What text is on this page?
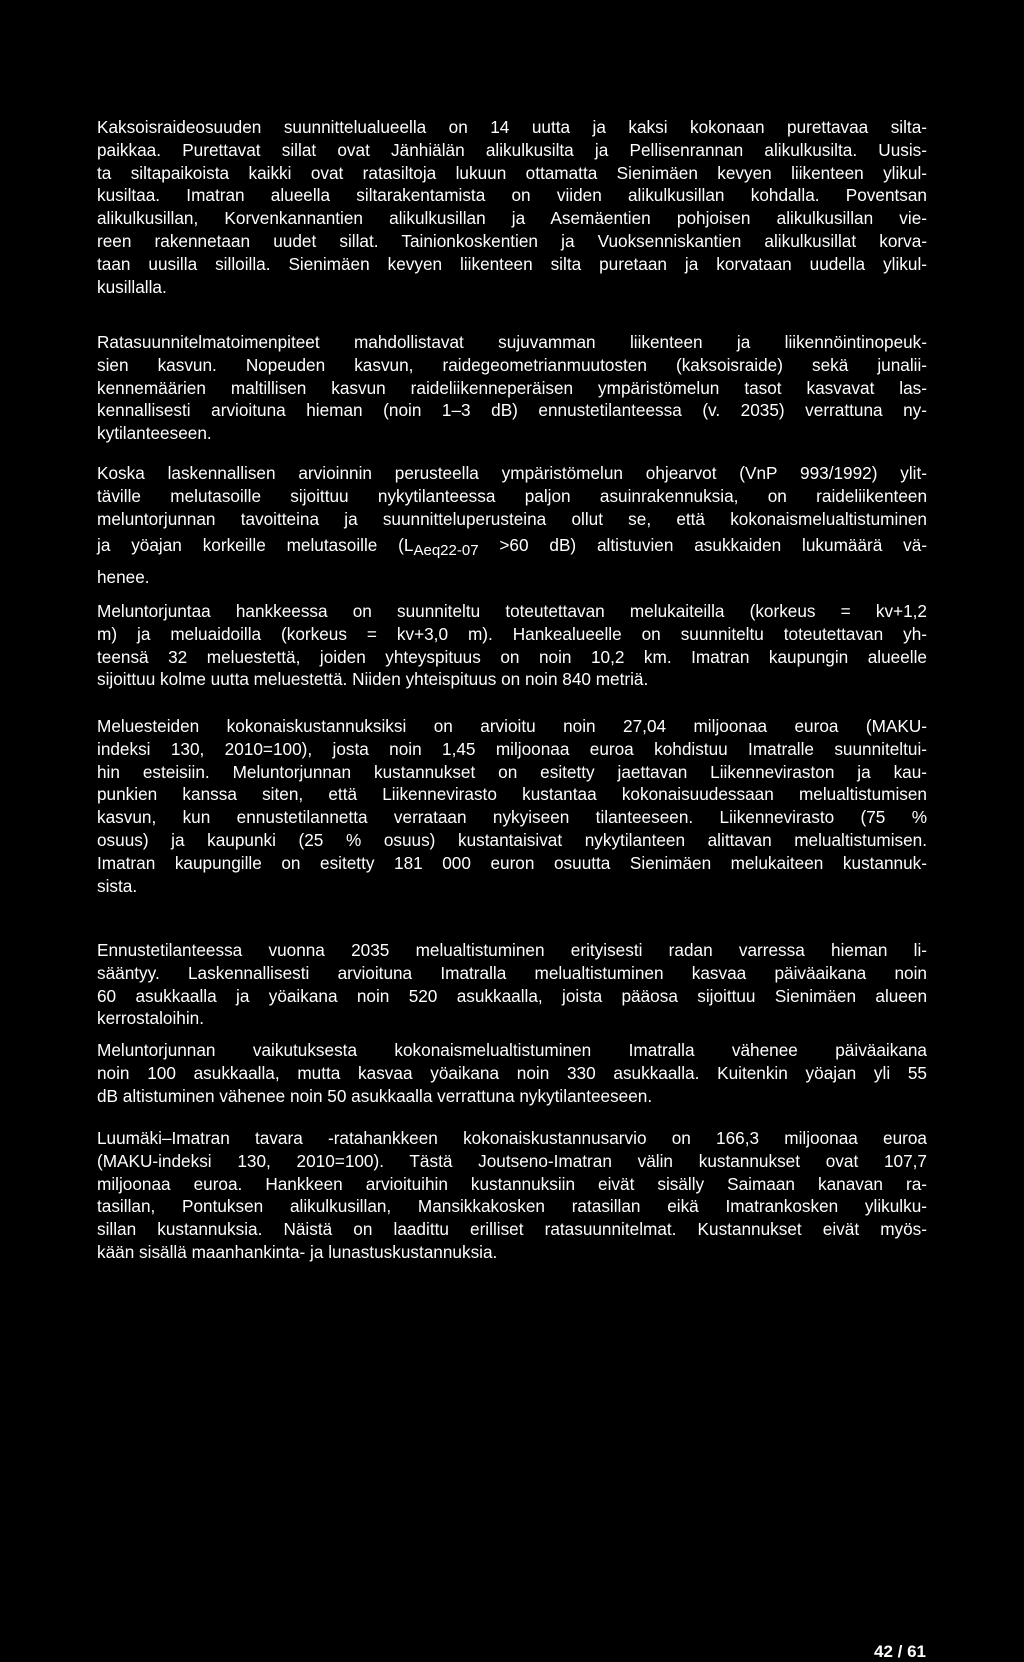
Kaksoisraideosuuden suunnittelualueella on 14 uutta ja kaksi kokonaan purettavaa silta-
paikkaa. Purettavat sillat ovat Jänhiälän alikulkusilta ja Pellisenrannan alikulkusilta. Uusis-
ta siltapaikoista kaikki ovat ratasiltoja lukuun ottamatta Sienimäen kevyen liikenteen ylikul-
kusiltaa. Imatran alueella siltarakentamista on viiden alikulkusillan kohdalla. Poventsan
alikulkusillan, Korvenkannantien alikulkusillan ja Asemäentien pohjoisen alikulkusillan vie-
reen rakennetaan uudet sillat. Tainionkoskentien ja Vuoksenniskantien alikulkusillat korva-
taan uusilla silloilla. Sienimäen kevyen liikenteen silta puretaan ja korvataan uudella ylikul-
kusillalla.
Ratasuunnitelmatoimenpiteet mahdollistavat sujuvamman liikenteen ja liikennöintinopeuk-
sien kasvun. Nopeuden kasvun, raidegeometrianmuutosten (kaksoisraide) sekä junalii-
kennemäärien maltillisen kasvun raideliikenneperäisen ympäristömelun tasot kasvavat las-
kennallisesti arvioituna hieman (noin 1–3 dB) ennustetilanteessa (v. 2035) verrattuna ny-
kytilanteeseen.
Koska laskennallisen arvioinnin perusteella ympäristömelun ohjearvot (VnP 993/1992) ylit-
täville melutasoille sijoittuu nykytilanteessa paljon asuinrakennuksia, on raideliikenteen
meluntorjunnan tavoitteina ja suunnitteluperusteina ollut se, että kokonaismelualtistuminen
ja yöajan korkeille melutasoille (LAeq22-07 >60 dB) altistuvien asukkaiden lukumäärä vä-
henee.
Meluntorjuntaa hankkeessa on suunniteltu toteutettavan melukaiteilla (korkeus = kv+1,2
m) ja meluaidoilla (korkeus = kv+3,0 m). Hankealueelle on suunniteltu toteutettavan yh-
teensä 32 meluestettä, joiden yhteyspituus on noin 10,2 km. Imatran kaupungin alueelle
sijoittuu kolme uutta meluestettä. Niiden yhteispituus on noin 840 metriä.
Meluesteiden kokonaiskustannuksiksi on arvioitu noin 27,04 miljoonaa euroa (MAKU-
indeksi 130, 2010=100), josta noin 1,45 miljoonaa euroa kohdistuu Imatralle suunniteltui-
hin esteisiin. Meluntorjunnan kustannukset on esitetty jaettavan Liikenneviraston ja kau-
punkien kanssa siten, että Liikennevirasto kustantaa kokonaisuudessaan melualtistumisen
kasvun, kun ennustetilannetta verrataan nykyiseen tilanteeseen. Liikennevirasto (75 %
osuus) ja kaupunki (25 % osuus) kustantaisivat nykytilanteen alittavan melualtistumisen.
Imatran kaupungille on esitetty 181 000 euron osuutta Sienimäen melukaiteen kustannuk-
sista.
Ennustetilanteessa vuonna 2035 melualtistuminen erityisesti radan varressa hieman li-
sääntyy. Laskennallisesti arvioituna Imatralla melualtistuminen kasvaa päiväaikana noin
60 asukkaalla ja yöaikana noin 520 asukkaalla, joista pääosa sijoittuu Sienimäen alueen
kerrostaloihin.
Meluntorjunnan vaikutuksesta kokonaismelualtistuminen Imatralla vähenee päiväaikana
noin 100 asukkaalla, mutta kasvaa yöaikana noin 330 asukkaalla. Kuitenkin yöajan yli 55
dB altistuminen vähenee noin 50 asukkaalla verrattuna nykytilanteeseen.
Luumäki–Imatran tavara -ratahankkeen kokonaiskustannusarvio on 166,3 miljoonaa euroa
(MAKU-indeksi 130, 2010=100). Tästä Joutseno-Imatran välin kustannukset ovat 107,7
miljoonaa euroa. Hankkeen arvioituihin kustannuksiin eivät sisälly Saimaan kanavan ra-
tasillan, Pontuksen alikulkusillan, Mansikkakosken ratasillan eikä Imatrankosken ylikulku-
sillan kustannuksia. Näistä on laadittu erilliset ratasuunnitelmat. Kustannukset eivät myös-
kään sisällä maanhankinta- ja lunastuskustannuksia.
42 / 61
